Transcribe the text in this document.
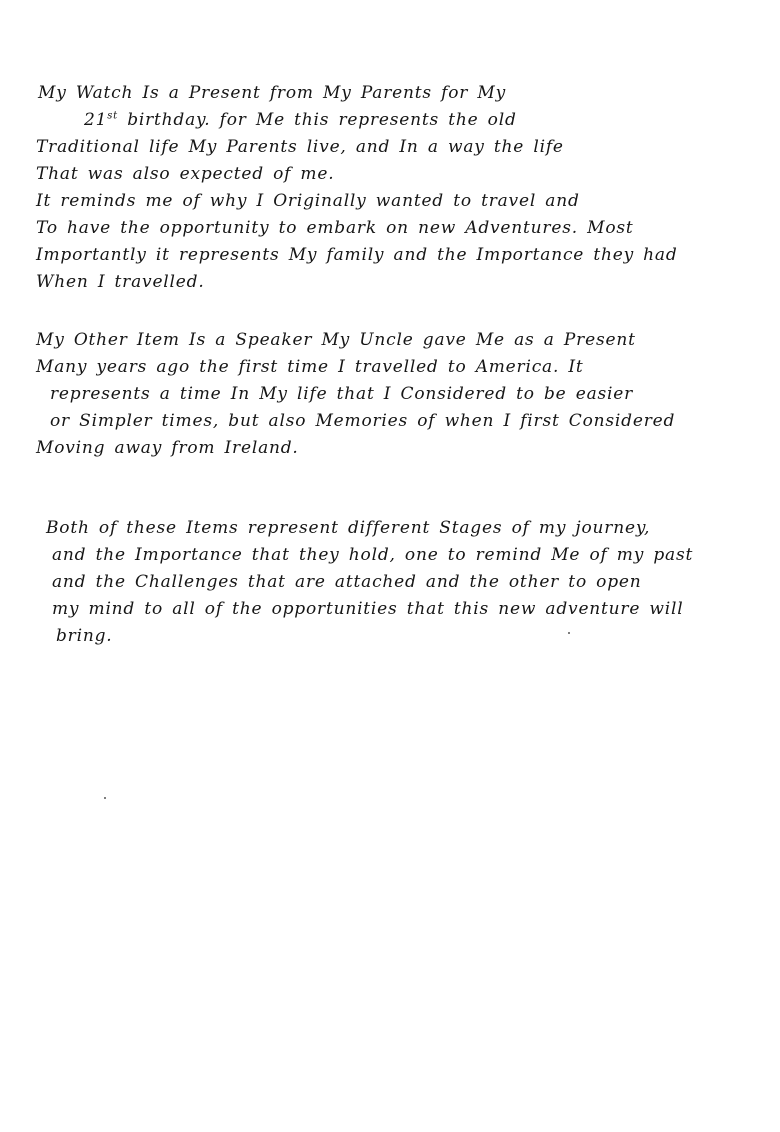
My Watch Is a Present from My Parents for My
21st birthday. for Me this represents the old
Traditional life My Parents live, and In a way the life
That was also expected of me.
It reminds me of why I Originally wanted to travel and
To have the opportunity to embark on new Adventures. Most
Importantly it represents My family and the Importance they had
When I travelled.
My Other Item Is a Speaker My Uncle gave Me as a Present
Many years ago the first time I travelled to America. It
represents a time In My life that I Considered to be easier
or Simpler times, but also Memories of when I first Considered
Moving away from Ireland.
Both of these Items represent different Stages of my journey,
and the Importance that they hold, one to remind Me of my past
and the Challenges that are attached and the other to open
my mind to all of the opportunities that this new adventure will
bring.
